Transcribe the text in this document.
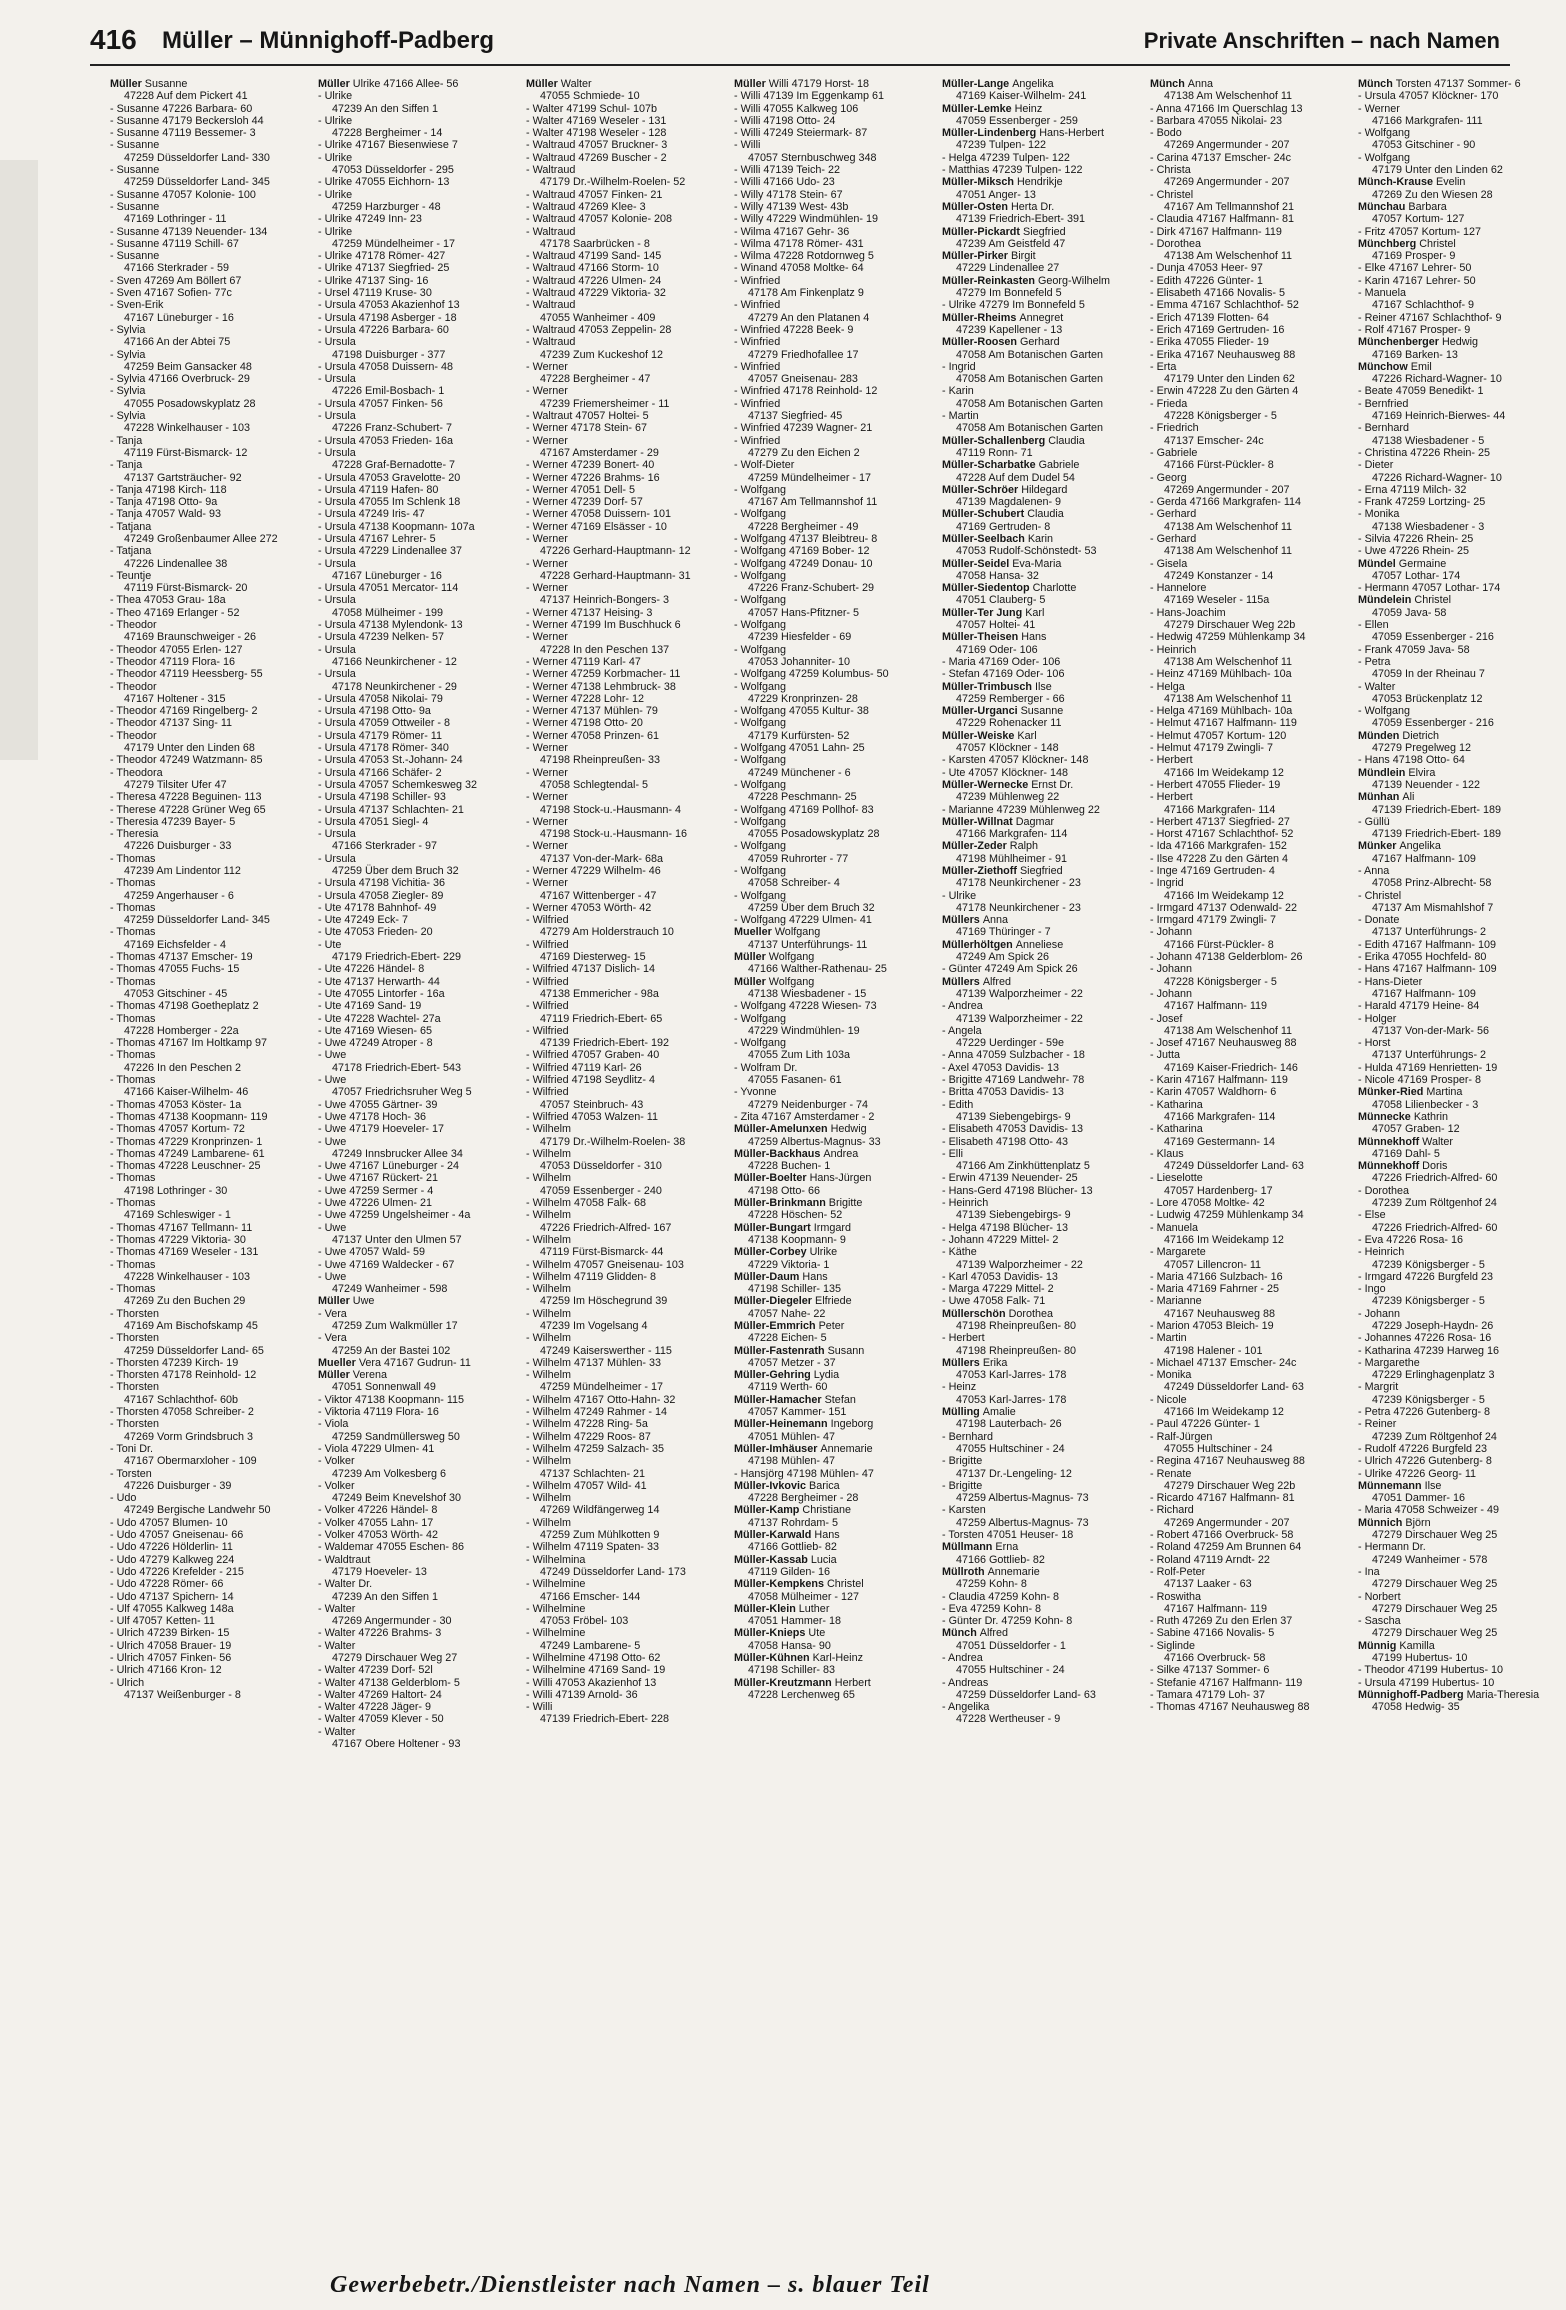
416 Müller – Münnighoff-Padberg	Private Anschriften – nach Namen
Müller Susanne
47228 Auf dem Pickert 41
- Susanne 47226 Barbara- 60
- Susanne 47179 Beckersloh 44
- Susanne 47119 Bessemer- 3
- Susanne
47259 Düsseldorfer Land- 330
- Susanne
47259 Düsseldorfer Land- 345
- Susanne 47057 Kolonie- 100
- Susanne
47169 Lothringer - 11
- Susanne 47139 Neuender- 134
- Susanne 47119 Schill- 67
- Susanne
47166 Sterkrader - 59
- Sven 47269 Am Böllert 67
- Sven 47167 Sofien- 77c
- Sven-Erik
47167 Lüneburger - 16
- Sylvia
47166 An der Abtei 75
- Sylvia
47259 Beim Gansacker 48
- Sylvia 47166 Overbruck- 29
- Sylvia
47055 Posadowskyplatz 28
- Sylvia
47228 Winkelhauser - 103
- Tanja
47119 Fürst-Bismarck- 12
- Tanja
47137 Gartsträucher- 92
- Tanja 47198 Kirch- 118
- Tanja 47198 Otto- 9a
- Tanja 47057 Wald- 93
- Tatjana
47249 Großenbaumer Allee 272
- Tatjana
47226 Lindenallee 38
- Teuntje
47119 Fürst-Bismarck- 20
- Thea 47053 Grau- 18a
- Theo 47169 Erlanger - 52
- Theodor
47169 Braunschweiger - 26
- Theodor 47055 Erlen- 127
- Theodor 47119 Flora- 16
- Theodor 47119 Heessberg- 55
- Theodor
47167 Holtener - 315
- Theodor 47169 Ringelberg- 2
- Theodor 47137 Sing- 11
- Theodor
47179 Unter den Linden 68
- Theodor 47249 Watzmann- 85
- Theodora
47279 Tilsiter Ufer 47
- Theresa 47228 Beguinen- 113
- Therese 47228 Grüner Weg 65
- Theresia 47239 Bayer- 5
- Theresia
47226 Duisburger - 33
- Thomas
47239 Am Lindentor 112
- Thomas
47259 Angerhauser - 6
- Thomas
47259 Düsseldorfer Land- 345
- Thomas
47169 Eichsfelder - 4
- Thomas 47137 Emscher- 19
- Thomas 47055 Fuchs- 15
- Thomas
47053 Gitschiner - 45
- Thomas 47198 Goetheplatz 2
- Thomas
47228 Homberger - 22a
- Thomas 47167 Im Holtkamp 97
- Thomas
47226 In den Peschen 2
- Thomas
47166 Kaiser-Wilhelm- 46
- Thomas 47053 Köster- 1a
- Thomas 47138 Koopmann- 119
- Thomas 47057 Kortum- 72
- Thomas 47229 Kronprinzen- 1
- Thomas 47249 Lambarene- 61
- Thomas 47228 Leuschner- 25
- Thomas
47198 Lothringer - 30
- Thomas
47169 Schleswiger - 1
- Thomas 47167 Tellmann- 11
- Thomas 47229 Viktoria- 30
- Thomas 47169 Weseler - 131
- Thomas
47228 Winkelhauser - 103
- Thomas
47269 Zu den Buchen 29
- Thorsten
47169 Am Bischofskamp 45
- Thorsten
47259 Düsseldorfer Land- 65
- Thorsten 47239 Kirch- 19
- Thorsten 47178 Reinhold- 12
- Thorsten
47167 Schlachthof- 60b
- Thorsten 47058 Schreiber- 2
- Thorsten
47269 Vorm Grindsbruch 3
- Toni Dr.
47167 Obermarxloher - 109
- Torsten
47226 Duisburger - 39
- Udo
47249 Bergische Landwehr 50
- Udo 47057 Blumen- 10
- Udo 47057 Gneisenau- 66
- Udo 47226 Hölderlin- 11
- Udo 47279 Kalkweg 224
- Udo 47226 Krefelder - 215
- Udo 47228 Römer- 66
- Udo 47137 Spichern- 14
- Ulf 47055 Kalkweg 148a
- Ulf 47057 Ketten- 11
- Ulrich 47239 Birken- 15
- Ulrich 47058 Brauer- 19
- Ulrich 47057 Finken- 56
- Ulrich 47166 Kron- 12
- Ulrich
47137 Weißenburger - 8
Müller Ulrike 47166 Allee- 56
- Ulrike
47239 An den Siffen 1
- Ulrike
47228 Bergheimer - 14
- Ulrike 47167 Biesenwiese 7
- Ulrike
47053 Düsseldorfer - 295
- Ulrike 47055 Eichhorn- 13
- Ulrike
47259 Harzburger - 48
- Ulrike 47249 Inn- 23
- Ulrike
47259 Mündelheimer - 17
- Ulrike 47178 Römer- 427
- Ulrike 47137 Siegfried- 25
- Ulrike 47137 Sing- 16
- Ursel 47119 Kruse- 30
- Ursula 47053 Akazienhof 13
- Ursula 47198 Asberger - 18
- Ursula 47226 Barbara- 60
- Ursula
47198 Duisburger - 377
- Ursula 47058 Duissern- 48
- Ursula
47226 Emil-Bosbach- 1
- Ursula 47057 Finken- 56
- Ursula
47226 Franz-Schubert- 7
- Ursula 47053 Frieden- 16a
- Ursula
47228 Graf-Bernadotte- 7
- Ursula 47053 Gravelotte- 20
- Ursula 47119 Hafen- 80
- Ursula 47055 Im Schlenk 18
- Ursula 47249 Iris- 47
- Ursula 47138 Koopmann- 107a
- Ursula 47167 Lehrer- 5
- Ursula 47229 Lindenallee 37
- Ursula
47167 Lüneburger - 16
- Ursula 47051 Mercator- 114
- Ursula
47058 Mülheimer - 199
- Ursula 47138 Mylendonk- 13
- Ursula 47239 Nelken- 57
- Ursula
47166 Neunkirchener - 12
- Ursula
47178 Neunkirchener - 29
- Ursula 47058 Nikolai- 79
- Ursula 47198 Otto- 9a
- Ursula 47059 Ottweiler - 8
- Ursula 47179 Römer- 11
- Ursula 47178 Römer- 340
- Ursula 47053 St.-Johann- 24
- Ursula 47166 Schäfer- 2
- Ursula 47057 Schemkesweg 32
- Ursula 47198 Schiller- 93
- Ursula 47137 Schlachten- 21
- Ursula 47051 Siegl- 4
- Ursula
47166 Sterkrader - 97
- Ursula
47259 Über dem Bruch 32
- Ursula 47198 Vichitia- 36
- Ursula 47058 Ziegler- 89
- Ute 47178 Bahnhof- 49
- Ute 47249 Eck- 7
- Ute 47053 Frieden- 20
- Ute
47179 Friedrich-Ebert- 229
- Ute 47226 Händel- 8
- Ute 47137 Herwarth- 44
- Ute 47055 Lintorfer - 16a
- Ute 47169 Sand- 19
- Ute 47228 Wachtel- 27a
- Ute 47169 Wiesen- 65
- Uwe 47249 Atroper - 8
- Uwe
47178 Friedrich-Ebert- 543
- Uwe
47057 Friedrichsruher Weg 5
- Uwe 47055 Gärtner- 39
- Uwe 47178 Hoch- 36
- Uwe 47179 Hoeveler- 17
- Uwe
47249 Innsbrucker Allee 34
- Uwe 47167 Lüneburger - 24
- Uwe 47167 Rückert- 21
- Uwe 47259 Sermer - 4
- Uwe 47226 Ulmen- 21
- Uwe 47259 Ungelsheimer - 4a
- Uwe
47137 Unter den Ulmen 57
- Uwe 47057 Wald- 59
- Uwe 47169 Waldecker - 67
- Uwe
47249 Wanheimer - 598
Müller Uwe
- Vera
47259 Zum Walkmüller 17
- Vera
47259 An der Bastei 102
Mueller Vera 47167 Gudrun- 11
Müller Verena
47051 Sonnenwall 49
- Viktor 47138 Koopmann- 115
- Viktoria 47119 Flora- 16
- Viola
47259 Sandmüllersweg 50
- Viola 47229 Ulmen- 41
- Volker
47239 Am Volkesberg 6
- Volker
47249 Beim Knevelshof 30
- Volker 47226 Händel- 8
- Volker 47055 Lahn- 17
- Volker 47053 Wörth- 42
- Waldemar 47055 Eschen- 86
- Waldtraut
47179 Hoeveler- 13
- Walter Dr.
47239 An den Siffen 1
- Walter
47269 Angermunder - 30
- Walter 47226 Brahms- 3
- Walter
47279 Dirschauer Weg 27
- Walter 47239 Dorf- 52l
- Walter 47138 Gelderblom- 5
- Walter 47269 Haltort- 24
- Walter 47228 Jäger- 9
- Walter 47059 Klever - 50
- Walter
47167 Obere Holtener - 93
Müller Walter
47055 Schmiede- 10
- Walter 47199 Schul- 107b
- Walter 47169 Weseler - 131
- Walter 47198 Weseler - 128
- Waltraud 47057 Bruckner- 3
- Waltraud 47269 Buscher - 2
- Waltraud
47179 Dr.-Wilhelm-Roelen- 52
- Waltraud 47057 Finken- 21
- Waltraud 47269 Klee- 3
- Waltraud 47057 Kolonie- 208
- Waltraud
47178 Saarbrücken - 8
- Waltraud 47199 Sand- 145
- Waltraud 47166 Storm- 10
- Waltraud 47226 Ulmen- 24
- Waltraud 47229 Viktoria- 32
- Waltraud
47055 Wanheimer - 409
- Waltraud 47053 Zeppelin- 28
- Waltraud
47239 Zum Kuckeshof 12
- Werner
47228 Bergheimer - 47
- Werner
47239 Friemersheimer - 11
- Waltraut 47057 Holtei- 5
- Werner 47178 Stein- 67
- Werner
47167 Amsterdamer - 29
- Werner 47239 Bonert- 40
- Werner 47226 Brahms- 16
- Werner 47051 Dell- 5
- Werner 47239 Dorf- 57
- Werner 47058 Duissern- 101
- Werner 47169 Elsässer - 10
- Werner
47226 Gerhard-Hauptmann- 12
- Werner
47228 Gerhard-Hauptmann- 31
- Werner
47137 Heinrich-Bongers- 3
- Werner 47137 Heising- 3
- Werner 47199 Im Buschhuck 6
- Werner
47228 In den Peschen 137
- Werner 47119 Karl- 47
- Werner 47259 Korbmacher- 11
- Werner 47138 Lehmbruck- 38
- Werner 47228 Lohr- 12
- Werner 47137 Mühlen- 79
- Werner 47198 Otto- 20
- Werner 47058 Prinzen- 61
- Werner
47198 Rheinpreußen- 33
- Werner
47058 Schlegtendal- 5
- Werner
47198 Stock-u.-Hausmann- 4
- Werner
47198 Stock-u.-Hausmann- 16
- Werner
47137 Von-der-Mark- 68a
- Werner 47229 Wilhelm- 46
- Werner
47167 Wittenberger - 47
- Werner 47053 Wörth- 42
- Wilfried
47279 Am Holderstrauch 10
- Wilfried
47169 Diesterweg- 15
- Wilfried 47137 Dislich- 14
- Wilfried
47138 Emmericher - 98a
- Wilfried
47119 Friedrich-Ebert- 65
- Wilfried
47139 Friedrich-Ebert- 192
- Wilfried 47057 Graben- 40
- Wilfried 47119 Karl- 26
- Wilfried 47198 Seydlitz- 4
- Wilfried
47057 Steinbruch- 43
- Wilfried 47053 Walzen- 11
- Wilhelm
47179 Dr.-Wilhelm-Roelen- 38
- Wilhelm
47053 Düsseldorfer - 310
- Wilhelm
47059 Essenberger - 240
- Wilhelm 47058 Falk- 68
- Wilhelm
47226 Friedrich-Alfred- 167
- Wilhelm
47119 Fürst-Bismarck- 44
- Wilhelm 47057 Gneisenau- 103
- Wilhelm 47119 Glidden- 8
- Wilhelm
47259 Im Höschegrund 39
- Wilhelm
47239 Im Vogelsang 4
- Wilhelm
47249 Kaiserswerther - 115
- Wilhelm 47137 Mühlen- 33
- Wilhelm
47259 Mündelheimer - 17
- Wilhelm 47167 Otto-Hahn- 32
- Wilhelm 47249 Rahmer - 14
- Wilhelm 47228 Ring- 5a
- Wilhelm 47229 Roos- 87
- Wilhelm 47259 Salzach- 35
- Wilhelm
47137 Schlachten- 21
- Wilhelm 47057 Wild- 41
- Wilhelm
47269 Wildfängerweg 14
- Wilhelm
47259 Zum Mühlkotten 9
- Wilhelm 47119 Spaten- 33
- Wilhelmina
47249 Düsseldorfer Land- 173
- Wilhelmine
47166 Emscher- 144
- Wilhelmine
47053 Fröbel- 103
- Wilhelmine
47249 Lambarene- 5
- Wilhelmine 47198 Otto- 62
- Wilhelmine 47169 Sand- 19
- Willi 47053 Akazienhof 13
- Willi 47139 Arnold- 36
- Willi
47139 Friedrich-Ebert- 228
Müller Willi 47179 Horst- 18
- Willi 47139 Im Eggenkamp 61
- Willi 47055 Kalkweg 106
- Willi 47198 Otto- 24
- Willi 47249 Steiermark- 87
- Willi
47057 Sternbuschweg 348
- Willi 47139 Teich- 22
- Willi 47166 Udo- 23
- Willy 47178 Stein- 67
- Willy 47139 West- 43b
- Willy 47229 Windmühlen- 19
- Wilma 47167 Gehr- 36
- Wilma 47178 Römer- 431
- Wilma 47228 Rotdornweg 5
- Winand 47058 Moltke- 64
- Winfried
47178 Am Finkenplatz 9
- Winfried
47279 An den Platanen 4
- Winfried 47228 Beek- 9
- Winfried
47279 Friedhofallee 17
- Winfried
47057 Gneisenau- 283
- Winfried 47178 Reinhold- 12
- Winfried
47137 Siegfried- 45
- Winfried 47239 Wagner- 21
- Winfried
47279 Zu den Eichen 2
- Wolf-Dieter
47259 Mündelheimer - 17
- Wolfgang
47167 Am Tellmannshof 11
- Wolfgang
47228 Bergheimer - 49
- Wolfgang 47137 Bleibtreu- 8
- Wolfgang 47169 Bober- 12
- Wolfgang 47249 Donau- 10
- Wolfgang
47226 Franz-Schubert- 29
- Wolfgang
47057 Hans-Pfitzner- 5
- Wolfgang
47239 Hiesfelder - 69
- Wolfgang
47053 Johanniter- 10
- Wolfgang 47259 Kolumbus- 50
- Wolfgang
47229 Kronprinzen- 28
- Wolfgang 47055 Kultur- 38
- Wolfgang
47179 Kurfürsten- 52
- Wolfgang 47051 Lahn- 25
- Wolfgang
47249 Münchener - 6
- Wolfgang
47228 Peschmann- 25
- Wolfgang 47169 Pollhof- 83
- Wolfgang
47055 Posadowskyplatz 28
- Wolfgang
47059 Ruhrorter - 77
- Wolfgang
47058 Schreiber- 4
- Wolfgang
47259 Über dem Bruch 32
- Wolfgang 47229 Ulmen- 41
Mueller Wolfgang
47137 Unterführungs- 11
Müller Wolfgang
47166 Walther-Rathenau- 25
Müller Wolfgang
47138 Wiesbadener - 15
- Wolfgang 47228 Wiesen- 73
- Wolfgang
47229 Windmühlen- 19
- Wolfgang
47055 Zum Lith 103a
- Wolfram Dr.
47055 Fasanen- 61
- Yvonne
47279 Neidenburger - 74
- Zita 47167 Amsterdamer - 2
Müller-Amelunxen Hedwig
47259 Albertus-Magnus- 33
Müller-Backhaus Andrea
47228 Buchen- 1
Müller-Boelter Hans-Jürgen
47198 Otto- 66
Müller-Brinkmann Brigitte
47228 Höschen- 52
Müller-Bungart Irmgard
47138 Koopmann- 9
Müller-Corbey Ulrike
47229 Viktoria- 1
Müller-Daum Hans
47198 Schiller- 135
Müller-Diegeler Elfriede
47057 Nahe- 22
Müller-Emmrich Peter
47228 Eichen- 5
Müller-Fastenrath Susann
47057 Metzer - 37
Müller-Gehring Lydia
47119 Werth- 60
Müller-Hamacher Stefan
47057 Kammer- 151
Müller-Heinemann Ingeborg
47051 Mühlen- 47
Müller-Imhäuser Annemarie
47198 Mühlen- 47
- Hansjörg 47198 Mühlen- 47
Müller-Ivkovic Barica
47228 Bergheimer - 28
Müller-Kamp Christiane
47137 Rohrdam- 5
Müller-Karwald Hans
47166 Gottlieb- 82
Müller-Kassab Lucia
47119 Gilden- 16
Müller-Kempkens Christel
47058 Mülheimer - 127
Müller-Klein Luther
47051 Hammer- 18
Müller-Knieps Ute
47058 Hansa- 90
Müller-Kühnen Karl-Heinz
47198 Schiller- 83
Müller-Kreutzmann Herbert
47228 Lerchenweg 65
Müller-Lange Angelika
47169 Kaiser-Wilhelm- 241
Müller-Lemke Heinz
47059 Essenberger - 259
Müller-Lindenberg Hans-Herbert
47239 Tulpen- 122
- Helga 47239 Tulpen- 122
- Matthias 47239 Tulpen- 122
Müller-Miksch Hendrikje
47051 Anger- 13
Müller-Osten Herta Dr.
47139 Friedrich-Ebert- 391
Müller-Pickardt Siegfried
47239 Am Geistfeld 47
Müller-Pirker Birgit
47229 Lindenallee 27
Müller-Reinkasten Georg-Wilhelm
47279 Im Bonnefeld 5
- Ulrike 47279 Im Bonnefeld 5
Müller-Rheims Annegret
47239 Kapellener - 13
Müller-Roosen Gerhard
47058 Am Botanischen Garten
- Ingrid
47058 Am Botanischen Garten
- Karin
47058 Am Botanischen Garten
- Martin
47058 Am Botanischen Garten
Müller-Schallenberg Claudia
47119 Ronn- 71
Müller-Scharbatke Gabriele
47228 Auf dem Dudel 54
Müller-Schröer Hildegard
47139 Magdalenen- 9
Müller-Schubert Claudia
47169 Gertruden- 8
Müller-Seelbach Karin
47053 Rudolf-Schönstedt- 53
Müller-Seidel Eva-Maria
47058 Hansa- 32
Müller-Siedentop Charlotte
47051 Clauberg- 5
Müller-Ter Jung Karl
47057 Holtei- 41
Müller-Theisen Hans
47169 Oder- 106
- Maria 47169 Oder- 106
- Stefan 47169 Oder- 106
Müller-Trimbusch Ilse
47259 Remberger - 66
Müller-Urganci Susanne
47229 Rohenacker 11
Müller-Weiske Karl
47057 Klöckner - 148
- Karsten 47057 Klöckner- 148
- Ute 47057 Klöckner- 148
Müller-Wernecke Ernst Dr.
47239 Mühlenweg 22
- Marianne 47239 Mühlenweg 22
Müller-Willnat Dagmar
47166 Markgrafen- 114
Müller-Zeder Ralph
47198 Mühlheimer - 91
Müller-Ziethoff Siegfried
47178 Neunkirchener - 23
- Ulrike
47178 Neunkirchener - 23
Müllers Anna
47169 Thüringer - 7
Müllerhöltgen Anneliese
47249 Am Spick 26
- Günter 47249 Am Spick 26
Müllers Alfred
47139 Walporzheimer - 22
- Andrea
47139 Walporzheimer - 22
- Angela
47229 Uerdinger - 59e
- Anna 47059 Sulzbacher - 18
- Axel 47053 Davidis- 13
- Brigitte 47169 Landwehr- 78
- Britta 47053 Davidis- 13
- Edith
47139 Siebengebirgs- 9
- Elisabeth 47053 Davidis- 13
- Elisabeth 47198 Otto- 43
- Elli
47166 Am Zinkhüttenplatz 5
- Erwin 47139 Neuender- 25
- Hans-Gerd 47198 Blücher- 13
- Heinrich
47139 Siebengebirgs- 9
- Helga 47198 Blücher- 13
- Johann 47229 Mittel- 2
- Käthe
47139 Walporzheimer - 22
- Karl 47053 Davidis- 13
- Marga 47229 Mittel- 2
- Uwe 47058 Falk- 71
Müllerschön Dorothea
47198 Rheinpreußen- 80
- Herbert
47198 Rheinpreußen- 80
Müllers Erika
47053 Karl-Jarres- 178
- Heinz
47053 Karl-Jarres- 178
Mülling Amalie
47198 Lauterbach- 26
- Bernhard
47055 Hultschiner - 24
- Brigitte
47137 Dr.-Lengeling- 12
- Brigitte
47259 Albertus-Magnus- 73
- Karsten
47259 Albertus-Magnus- 73
- Torsten 47051 Heuser- 18
Müllmann Erna
47166 Gottlieb- 82
Müllroth Annemarie
47259 Kohn- 8
- Claudia 47259 Kohn- 8
- Eva 47259 Kohn- 8
- Günter Dr. 47259 Kohn- 8
Münch Alfred
47051 Düsseldorfer - 1
- Andrea
47055 Hultschiner - 24
- Andreas
47259 Düsseldorfer Land- 63
- Angelika
47228 Wertheuser - 9
Münch Anna
47138 Am Welschenhof 11
- Anna 47166 Im Querschlag 13
- Barbara 47055 Nikolai- 23
- Bodo
47269 Angermunder - 207
- Carina 47137 Emscher- 24c
- Christa
47269 Angermunder - 207
- Christel
47167 Am Tellmannshof 21
- Claudia 47167 Halfmann- 81
- Dirk 47167 Halfmann- 119
- Dorothea
47138 Am Welschenhof 11
- Dunja 47053 Heer- 97
- Edith 47226 Günter- 1
- Elisabeth 47166 Novalis- 5
- Emma 47167 Schlachthof- 52
- Erich 47139 Flotten- 64
- Erich 47169 Gertruden- 16
- Erika 47055 Flieder- 19
- Erika 47167 Neuhausweg 88
- Erta
47179 Unter den Linden 62
- Erwin 47228 Zu den Gärten 4
- Frieda
47228 Königsberger - 5
- Friedrich
47137 Emscher- 24c
- Gabriele
47166 Fürst-Pückler- 8
- Georg
47269 Angermunder - 207
- Gerda 47166 Markgrafen- 114
- Gerhard
47138 Am Welschenhof 11
- Gerhard
47138 Am Welschenhof 11
- Gisela
47249 Konstanzer - 14
- Hannelore
47169 Weseler - 115a
- Hans-Joachim
47279 Dirschauer Weg 22b
- Hedwig 47259 Mühlenkamp 34
- Heinrich
47138 Am Welschenhof 11
- Heinz 47169 Mühlbach- 10a
- Helga
47138 Am Welschenhof 11
- Helga 47169 Mühlbach- 10a
- Helmut 47167 Halfmann- 119
- Helmut 47057 Kortum- 120
- Helmut 47179 Zwingli- 7
- Herbert
47166 Im Weidekamp 12
- Herbert 47055 Flieder- 19
- Herbert
47166 Markgrafen- 114
- Herbert 47137 Siegfried- 27
- Horst 47167 Schlachthof- 52
- Ida 47166 Markgrafen- 152
- Ilse 47228 Zu den Gärten 4
- Inge 47169 Gertruden- 4
- Ingrid
47166 Im Weidekamp 12
- Irmgard 47137 Odenwald- 22
- Irmgard 47179 Zwingli- 7
- Johann
47166 Fürst-Pückler- 8
- Johann 47138 Gelderblom- 26
- Johann
47228 Königsberger - 5
- Johann
47167 Halfmann- 119
- Josef
47138 Am Welschenhof 11
- Josef 47167 Neuhausweg 88
- Jutta
47169 Kaiser-Friedrich- 146
- Karin 47167 Halfmann- 119
- Karin 47057 Waldhorn- 6
- Katharina
47166 Markgrafen- 114
- Katharina
47169 Gestermann- 14
- Klaus
47249 Düsseldorfer Land- 63
- Lieselotte
47057 Hardenberg- 17
- Lore 47058 Moltke- 42
- Ludwig 47259 Mühlenkamp 34
- Manuela
47166 Im Weidekamp 12
- Margarete
47057 Lillencron- 11
- Maria 47166 Sulzbach- 16
- Maria 47169 Fahrner - 25
- Marianne
47167 Neuhausweg 88
- Marion 47053 Bleich- 19
- Martin
47198 Halener - 101
- Michael 47137 Emscher- 24c
- Monika
47249 Düsseldorfer Land- 63
- Nicole
47166 Im Weidekamp 12
- Paul 47226 Günter- 1
- Ralf-Jürgen
47055 Hultschiner - 24
- Regina 47167 Neuhausweg 88
- Renate
47279 Dirschauer Weg 22b
- Ricardo 47167 Halfmann- 81
- Richard
47269 Angermunder - 207
- Robert 47166 Overbruck- 58
- Roland 47259 Am Brunnen 64
- Roland 47119 Arndt- 22
- Rolf-Peter
47137 Laaker - 63
- Roswitha
47167 Halfmann- 119
- Ruth 47269 Zu den Erlen 37
- Sabine 47166 Novalis- 5
- Siglinde
47166 Overbruck- 58
- Silke 47137 Sommer- 6
- Stefanie 47167 Halfmann- 119
- Tamara 47179 Loh- 37
- Thomas 47167 Neuhausweg 88
Münch Torsten 47137 Sommer- 6
- Ursula 47057 Klöckner- 170
- Werner
47166 Markgrafen- 111
- Wolfgang
47053 Gitschiner - 90
- Wolfgang
47179 Unter den Linden 62
Münch-Krause Evelin
47269 Zu den Wiesen 28
Münchau Barbara
47057 Kortum- 127
- Fritz 47057 Kortum- 127
Münchberg Christel
47169 Prosper- 9
- Elke 47167 Lehrer- 50
- Karin 47167 Lehrer- 50
- Manuela
47167 Schlachthof- 9
- Reiner 47167 Schlachthof- 9
- Rolf 47167 Prosper- 9
Münchenberger Hedwig
47169 Barken- 13
Münchow Emil
47226 Richard-Wagner- 10
- Beate 47059 Benedikt- 1
- Bernfried
47169 Heinrich-Bierwes- 44
- Bernhard
47138 Wiesbadener - 5
- Christina 47226 Rhein- 25
- Dieter
47226 Richard-Wagner- 10
- Erna 47119 Milch- 32
- Frank 47259 Lortzing- 25
- Monika
47138 Wiesbadener - 3
- Silvia 47226 Rhein- 25
- Uwe 47226 Rhein- 25
Mündel Germaine
47057 Lothar- 174
- Hermann 47057 Lothar- 174
Mündelein Christel
47059 Java- 58
- Ellen
47059 Essenberger - 216
- Frank 47059 Java- 58
- Petra
47059 In der Rheinau 7
- Walter
47053 Brückenplatz 12
- Wolfgang
47059 Essenberger - 216
Münden Dietrich
47279 Pregelweg 12
- Hans 47198 Otto- 64
Mündlein Elvira
47139 Neuender - 122
Münhan Ali
47139 Friedrich-Ebert- 189
- Güllü
47139 Friedrich-Ebert- 189
Münker Angelika
47167 Halfmann- 109
- Anna
47058 Prinz-Albrecht- 58
- Christel
47137 Am Mismahlshof 7
- Donate
47137 Unterführungs- 2
- Edith 47167 Halfmann- 109
- Erika 47055 Hochfeld- 80
- Hans 47167 Halfmann- 109
- Hans-Dieter
47167 Halfmann- 109
- Harald 47179 Heine- 84
- Holger
47137 Von-der-Mark- 56
- Horst
47137 Unterführungs- 2
- Hulda 47169 Henrietten- 19
- Nicole 47169 Prosper- 8
Münker-Ried Martina
47058 Lilienbecker - 3
Münnecke Kathrin
47057 Graben- 12
Münnekhoff Walter
47169 Dahl- 5
Münnekhoff Doris
47226 Friedrich-Alfred- 60
- Dorothea
47239 Zum Röltgenhof 24
- Else
47226 Friedrich-Alfred- 60
- Eva 47226 Rosa- 16
- Heinrich
47239 Königsberger - 5
- Irmgard 47226 Burgfeld 23
- Ingo
47239 Königsberger - 5
- Johann
47229 Joseph-Haydn- 26
- Johannes 47226 Rosa- 16
- Katharina 47239 Harweg 16
- Margarethe
47229 Erlinghagenplatz 3
- Margrit
47239 Königsberger - 5
- Petra 47226 Gutenberg- 8
- Reiner
47239 Zum Röltgenhof 24
- Rudolf 47226 Burgfeld 23
- Ulrich 47226 Gutenberg- 8
- Ulrike 47226 Georg- 11
Münnemann Ilse
47051 Dammer- 16
- Maria 47058 Schweizer - 49
Münnich Björn
47279 Dirschauer Weg 25
- Hermann Dr.
47249 Wanheimer - 578
- Ina
47279 Dirschauer Weg 25
- Norbert
47279 Dirschauer Weg 25
- Sascha
47279 Dirschauer Weg 25
Münnig Kamilla
47199 Hubertus- 10
- Theodor 47199 Hubertus- 10
- Ursula 47199 Hubertus- 10
Münnighoff-Padberg Maria-Theresia
47058 Hedwig- 35
Gewerbebetr./Dienstleister nach Namen – s. blauer Teil
